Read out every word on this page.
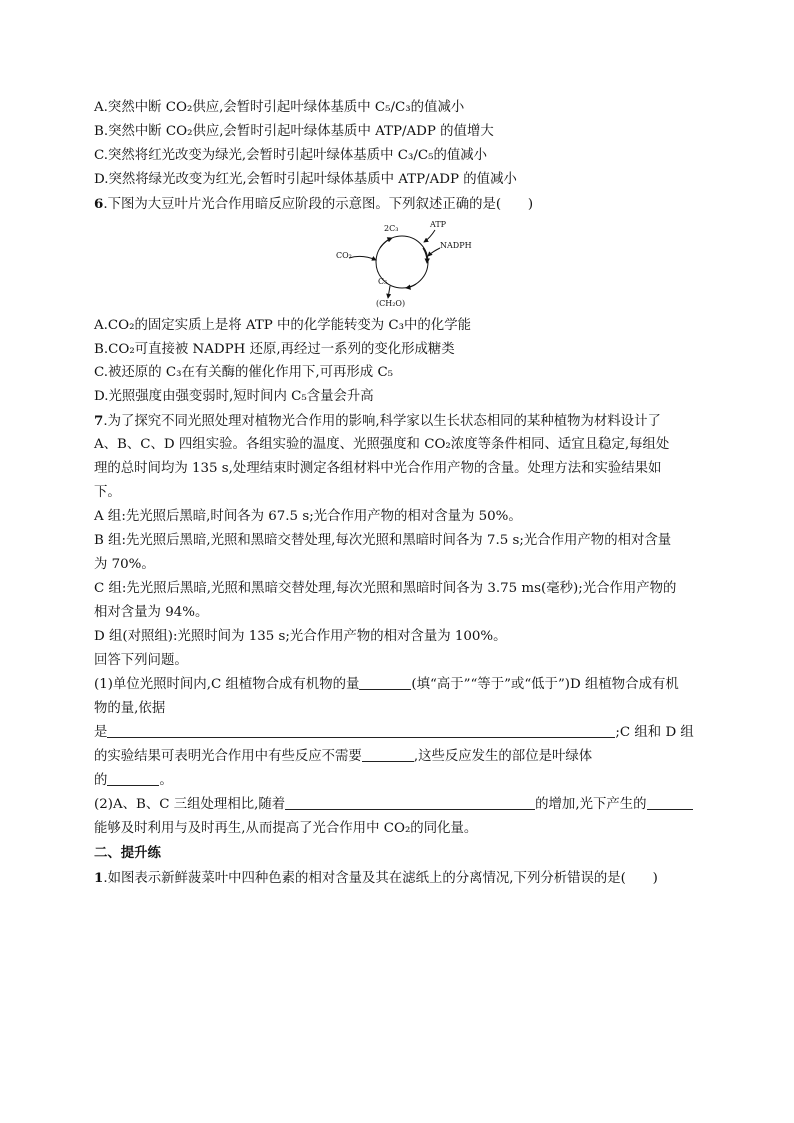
A.突然中断 CO₂供应,会暂时引起叶绿体基质中 C₅/C₃的值减小
B.突然中断 CO₂供应,会暂时引起叶绿体基质中 ATP/ADP 的值增大
C.突然将红光改变为绿光,会暂时引起叶绿体基质中 C₃/C₅的值减小
D.突然将绿光改变为红光,会暂时引起叶绿体基质中 ATP/ADP 的值减小
6.下图为大豆叶片光合作用暗反应阶段的示意图。下列叙述正确的是(　　)
2C₃	ATP
NADPH
CO₂
C₅
(CH₂O)
A.CO₂的固定实质上是将 ATP 中的化学能转变为 C₃中的化学能
B.CO₂可直接被 NADPH 还原,再经过一系列的变化形成糖类
C.被还原的 C₃在有关酶的催化作用下,可再形成 C₅
D.光照强度由强变弱时,短时间内 C₅含量会升高
7.为了探究不同光照处理对植物光合作用的影响,科学家以生长状态相同的某种植物为材料设计了
A、B、C、D 四组实验。各组实验的温度、光照强度和 CO₂浓度等条件相同、适宜且稳定,每组处
理的总时间均为 135 s,处理结束时测定各组材料中光合作用产物的含量。处理方法和实验结果如
下。
A 组:先光照后黑暗,时间各为 67.5 s;光合作用产物的相对含量为 50%。
B 组:先光照后黑暗,光照和黑暗交替处理,每次光照和黑暗时间各为 7.5 s;光合作用产物的相对含量
为 70%。
C 组:先光照后黑暗,光照和黑暗交替处理,每次光照和黑暗时间各为 3.75 ms(毫秒);光合作用产物的
相对含量为 94%。
D 组(对照组):光照时间为 135 s;光合作用产物的相对含量为 100%。
回答下列问题。
(1)单位光照时间内,C 组植物合成有机物的量	(填“高于”“等于”或“低于”)D 组植物合成有机
物的量,依据
是	;C 组和 D 组
的实验结果可表明光合作用中有些反应不需要	,这些反应发生的部位是叶绿体
的	。
(2)A、B、C 三组处理相比,随着	的增加,光下产生的
能够及时利用与及时再生,从而提高了光合作用中 CO₂的同化量。
二、提升练
1.如图表示新鲜菠菜叶中四种色素的相对含量及其在滤纸上的分离情况,下列分析错误的是(　　)
